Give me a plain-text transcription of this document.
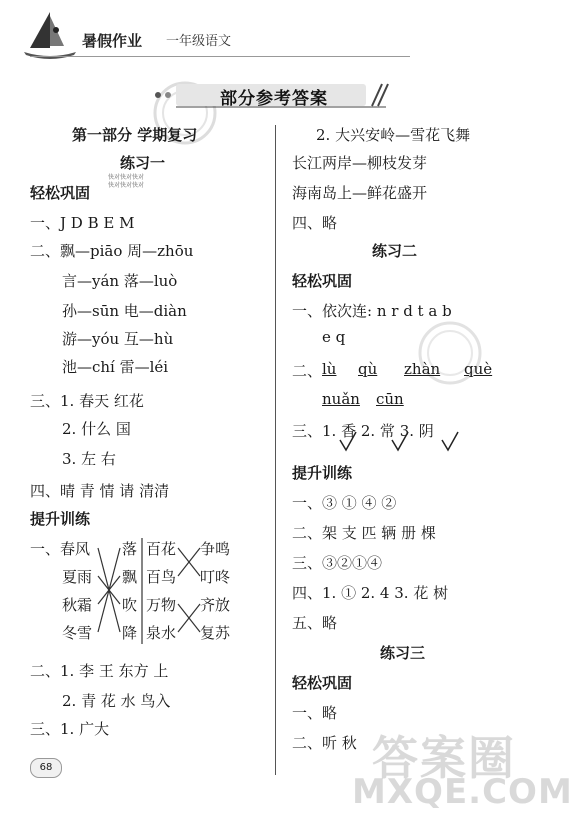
暑假作业 一年级语文
部分参考答案
第一部分 学期复习
练习一
快对快对快对
快对快对快对
轻松巩固
一、J D B E M
二、飘—piāo 周—zhōu
言—yán 落—luò
孙—sūn 电—diàn
游—yóu 互—hù
池—chí 雷—léi
三、1. 春天 红花
2. 什么 国
3. 左 右
四、晴 青 情 请 清清
提升训练
一、春风
夏雨
秋霜
冬雪
落
飘
吹
降
百花
百鸟
万物
泉水
争鸣
叮咚
齐放
复苏
二、1. 李 王 东方 上
2. 青 花 水 鸟入
三、1. 广大
2. 大兴安岭—雪花飞舞
长江两岸—柳枝发芽
海南岛上—鲜花盛开
四、略
练习二
轻松巩固
一、依次连: n r d t a b
e q
二、 lù qù zhàn què
nuǎn cūn
三、1. 香 2. 常 3. 阴
提升训练
一、③ ① ④ ②
二、架 支 匹 辆 册 棵
三、③②①④
四、1. ① 2. 4 3. 花 树
五、略
练习三
轻松巩固
一、略
二、听 秋
68	答案圈
MXQE.COM
